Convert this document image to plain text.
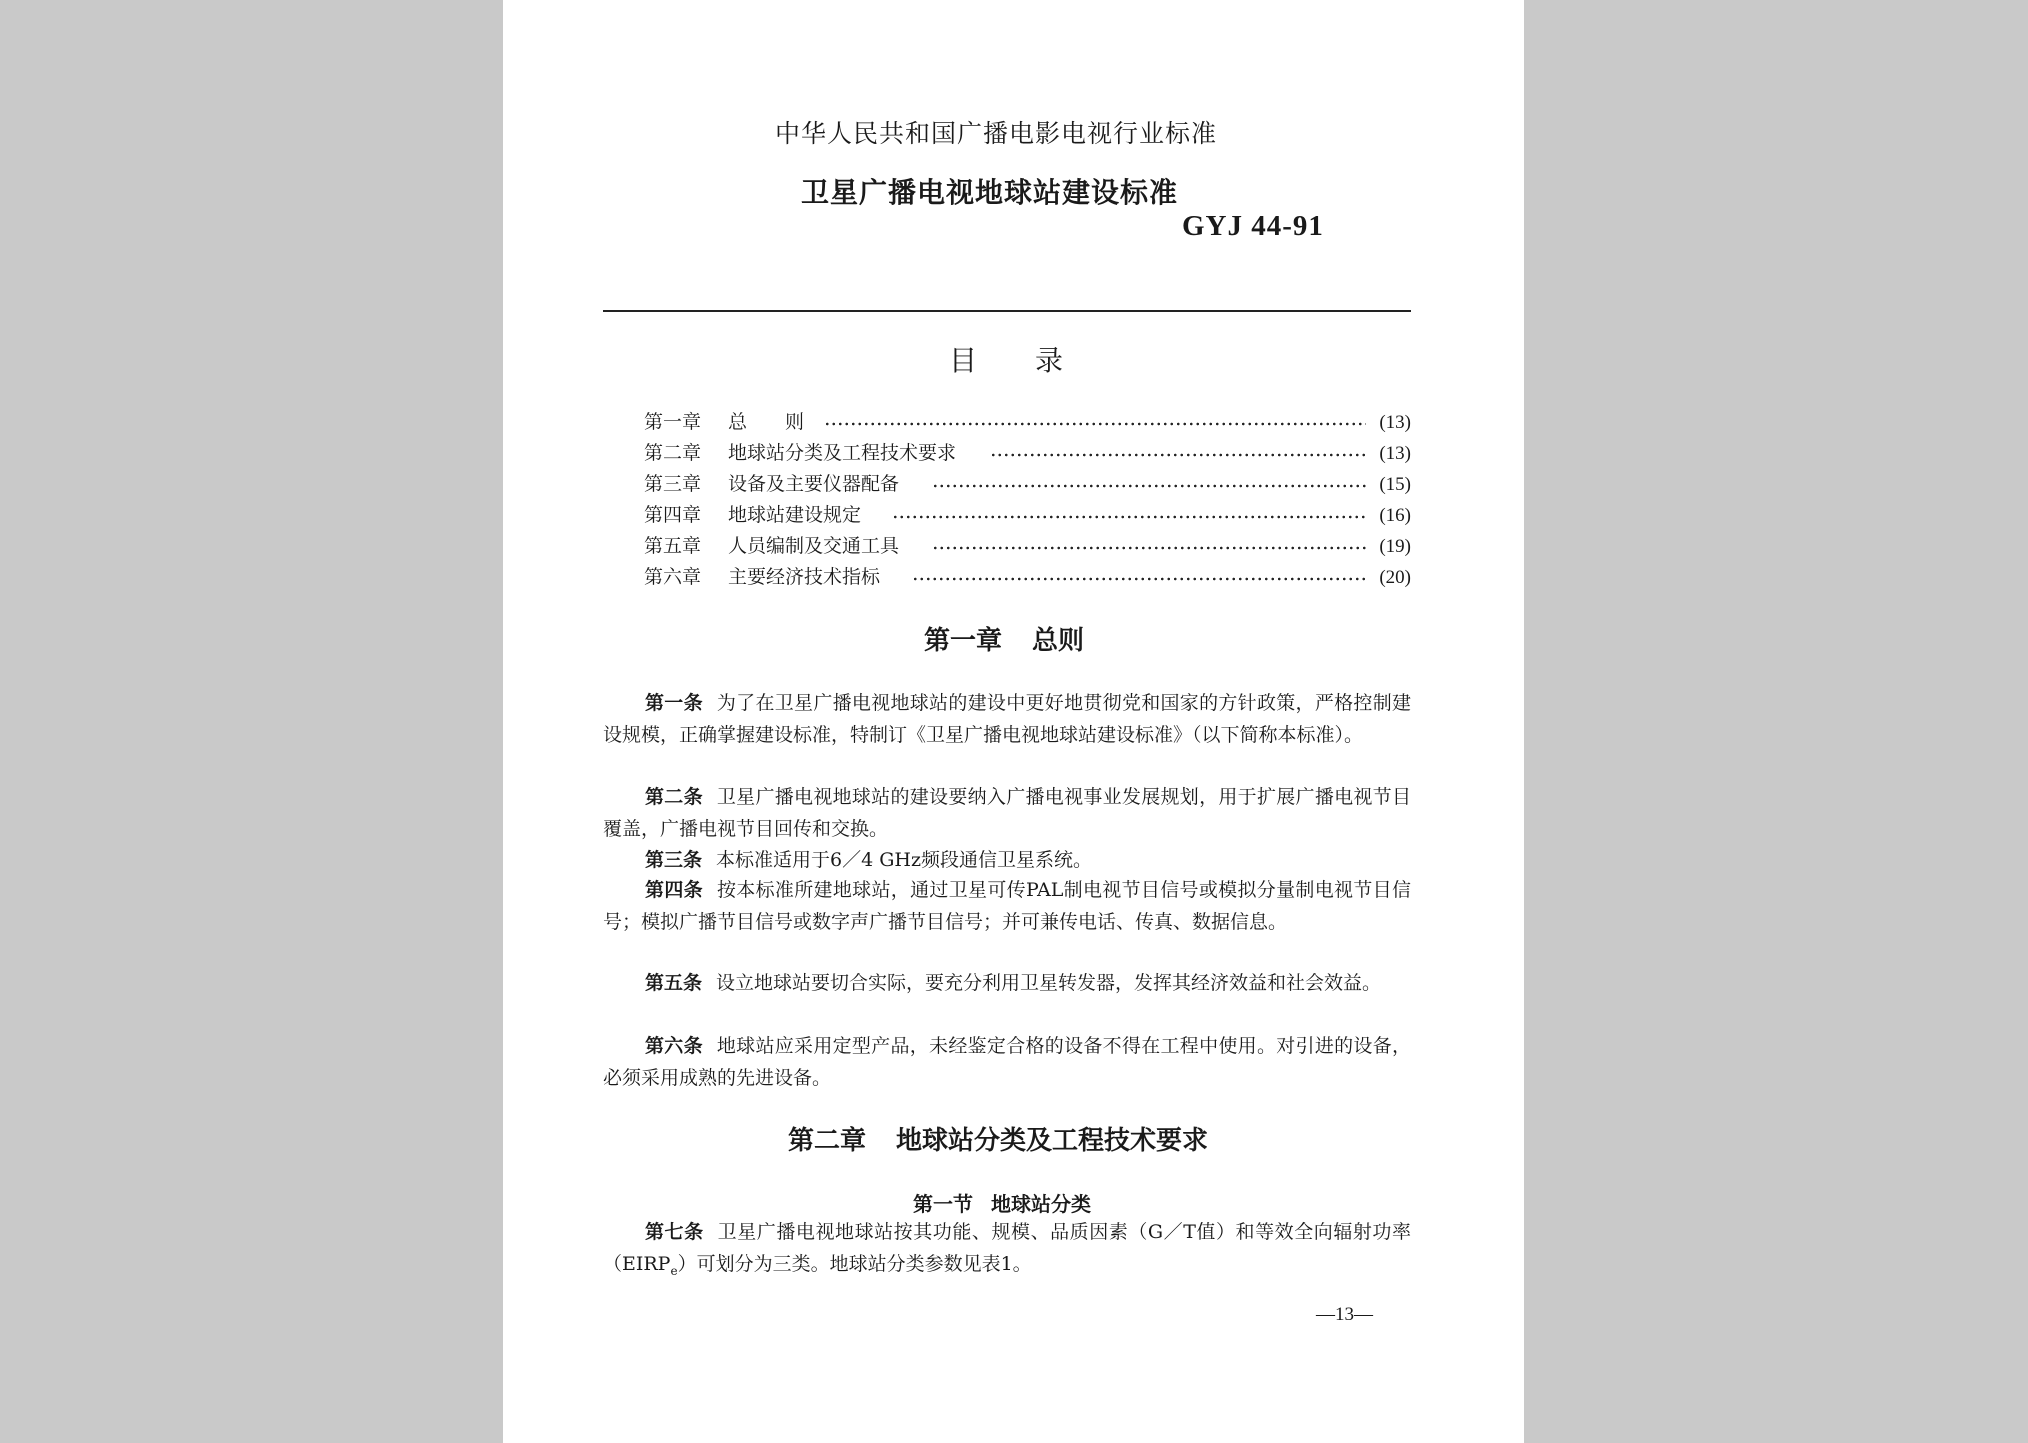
中华人民共和国广播电影电视行业标准
卫星广播电视地球站建设标准
GYJ 44-91
目 录
第一章 总　　则	(13)
第二章 地球站分类及工程技术要求	(13)
第三章 设备及主要仪器配备	(15)
第四章 地球站建设规定	(16)
第五章 人员编制及交通工具	(19)
第六章 主要经济技术指标	(20)
第一章 总则
第一条 为了在卫星广播电视地球站的建设中更好地贯彻党和国家的方针政策，严格控制建设规模，正确掌握建设标准，特制订《卫星广播电视地球站建设标准》（以下简称本标准）。
第二条 卫星广播电视地球站的建设要纳入广播电视事业发展规划，用于扩展广播电视节目覆盖，广播电视节目回传和交换。
第三条 本标准适用于6／4 GHz频段通信卫星系统。
第四条 按本标准所建地球站，通过卫星可传PAL制电视节目信号或模拟分量制电视节目信号；模拟广播节目信号或数字声广播节目信号；并可兼传电话、传真、数据信息。
第五条 设立地球站要切合实际，要充分利用卫星转发器，发挥其经济效益和社会效益。
第六条 地球站应采用定型产品，未经鉴定合格的设备不得在工程中使用。对引进的设备，必须采用成熟的先进设备。
第二章 地球站分类及工程技术要求
第一节 地球站分类
第七条 卫星广播电视地球站按其功能、规模、品质因素（G／T值）和等效全向辐射功率$(EIRP_e)$可划分为三类。地球站分类参数见表1。
—13—
